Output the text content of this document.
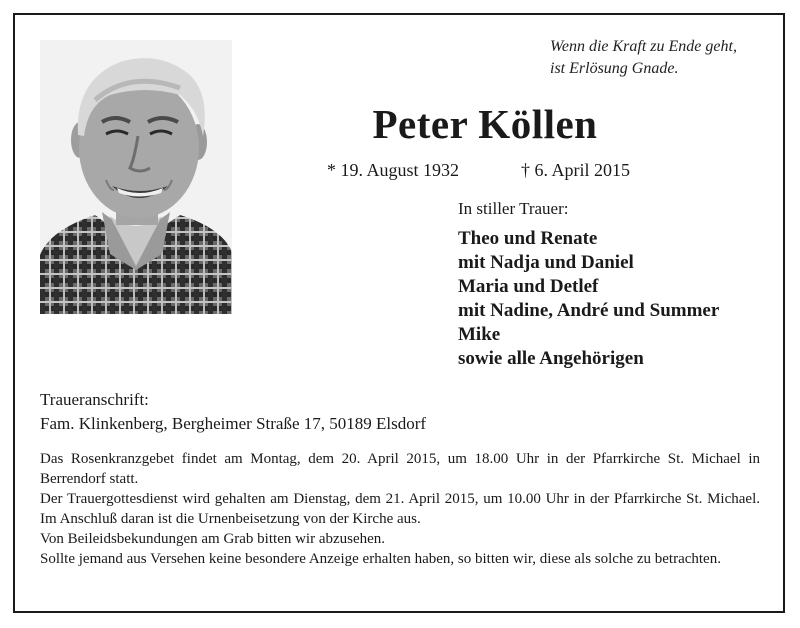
Wenn die Kraft zu Ende geht,
ist Erlösung Gnade.
Peter Köllen
* 19. August 1932	† 6. April 2015
In stiller Trauer:
Theo und Renate
mit Nadja und Daniel
Maria und Detlef
mit Nadine, André und Summer
Mike
sowie alle Angehörigen
Traueranschrift:
Fam. Klinkenberg, Bergheimer Straße 17, 50189 Elsdorf

Das Rosenkranzgebet findet am Montag, dem 20. April 2015, um 18.00 Uhr in der Pfarrkirche St. Michael in Berrendorf statt.

Der Trauergottesdienst wird gehalten am Dienstag, dem 21. April 2015, um 10.00 Uhr in der Pfarrkirche St. Michael. Im Anschluß daran ist die Urnenbeisetzung von der Kirche aus.

Von Beileidsbekundungen am Grab bitten wir abzusehen.

Sollte jemand aus Versehen keine besondere Anzeige erhalten haben, so bitten wir, diese als solche zu betrachten.
